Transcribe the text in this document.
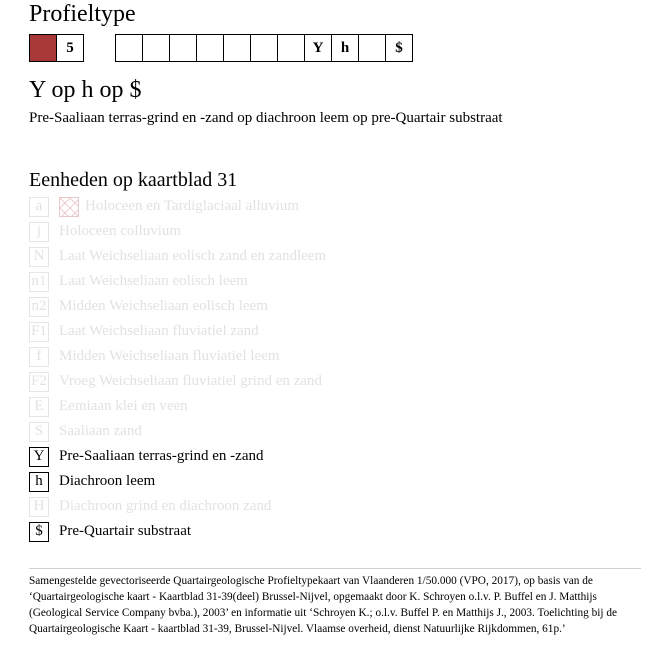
Profieltype
5	Y	h	$
Y op h op $
Pre-Saaliaan terras-grind en -zand op diachroon leem op pre-Quartair substraat
Eenheden op kaartblad 31
a	Holoceen en Tardiglaciaal alluvium
j	Holoceen colluvium
N Laat Weichseliaan eolisch zand en zandleem
n1 Laat Weichseliaan eolisch leem
n2 Midden Weichseliaan eolisch leem
F1 Laat Weichseliaan fluviatiel zand
f	Midden Weichseliaan fluviatiel leem
F2 Vroeg Weichseliaan fluviatiel grind en zand
E	Eemiaan klei en veen
S	Saaliaan zand
Y Pre-Saaliaan terras-grind en -zand
h	Diachroon leem
H Diachroon grind en diachroon zand
$	Pre-Quartair substraat
Samengestelde gevectoriseerde Quartairgeologische Profieltypekaart van Vlaanderen 1/50.000 (VPO, 2017), op basis van de ‘Quartairgeologische kaart - Kaartblad 31-39(deel) Brussel-Nijvel, opgemaakt door K. Schroyen o.l.v. P. Buffel en J. Matthijs (Geological Service Company bvba.), 2003’ en informatie uit ‘Schroyen K.; o.l.v. Buffel P. en Matthijs J., 2003. Toelichting bij de Quartairgeologische Kaart - kaartblad 31-39, Brussel-Nijvel. Vlaamse overheid, dienst Natuurlijke Rijkdommen, 61p.’
